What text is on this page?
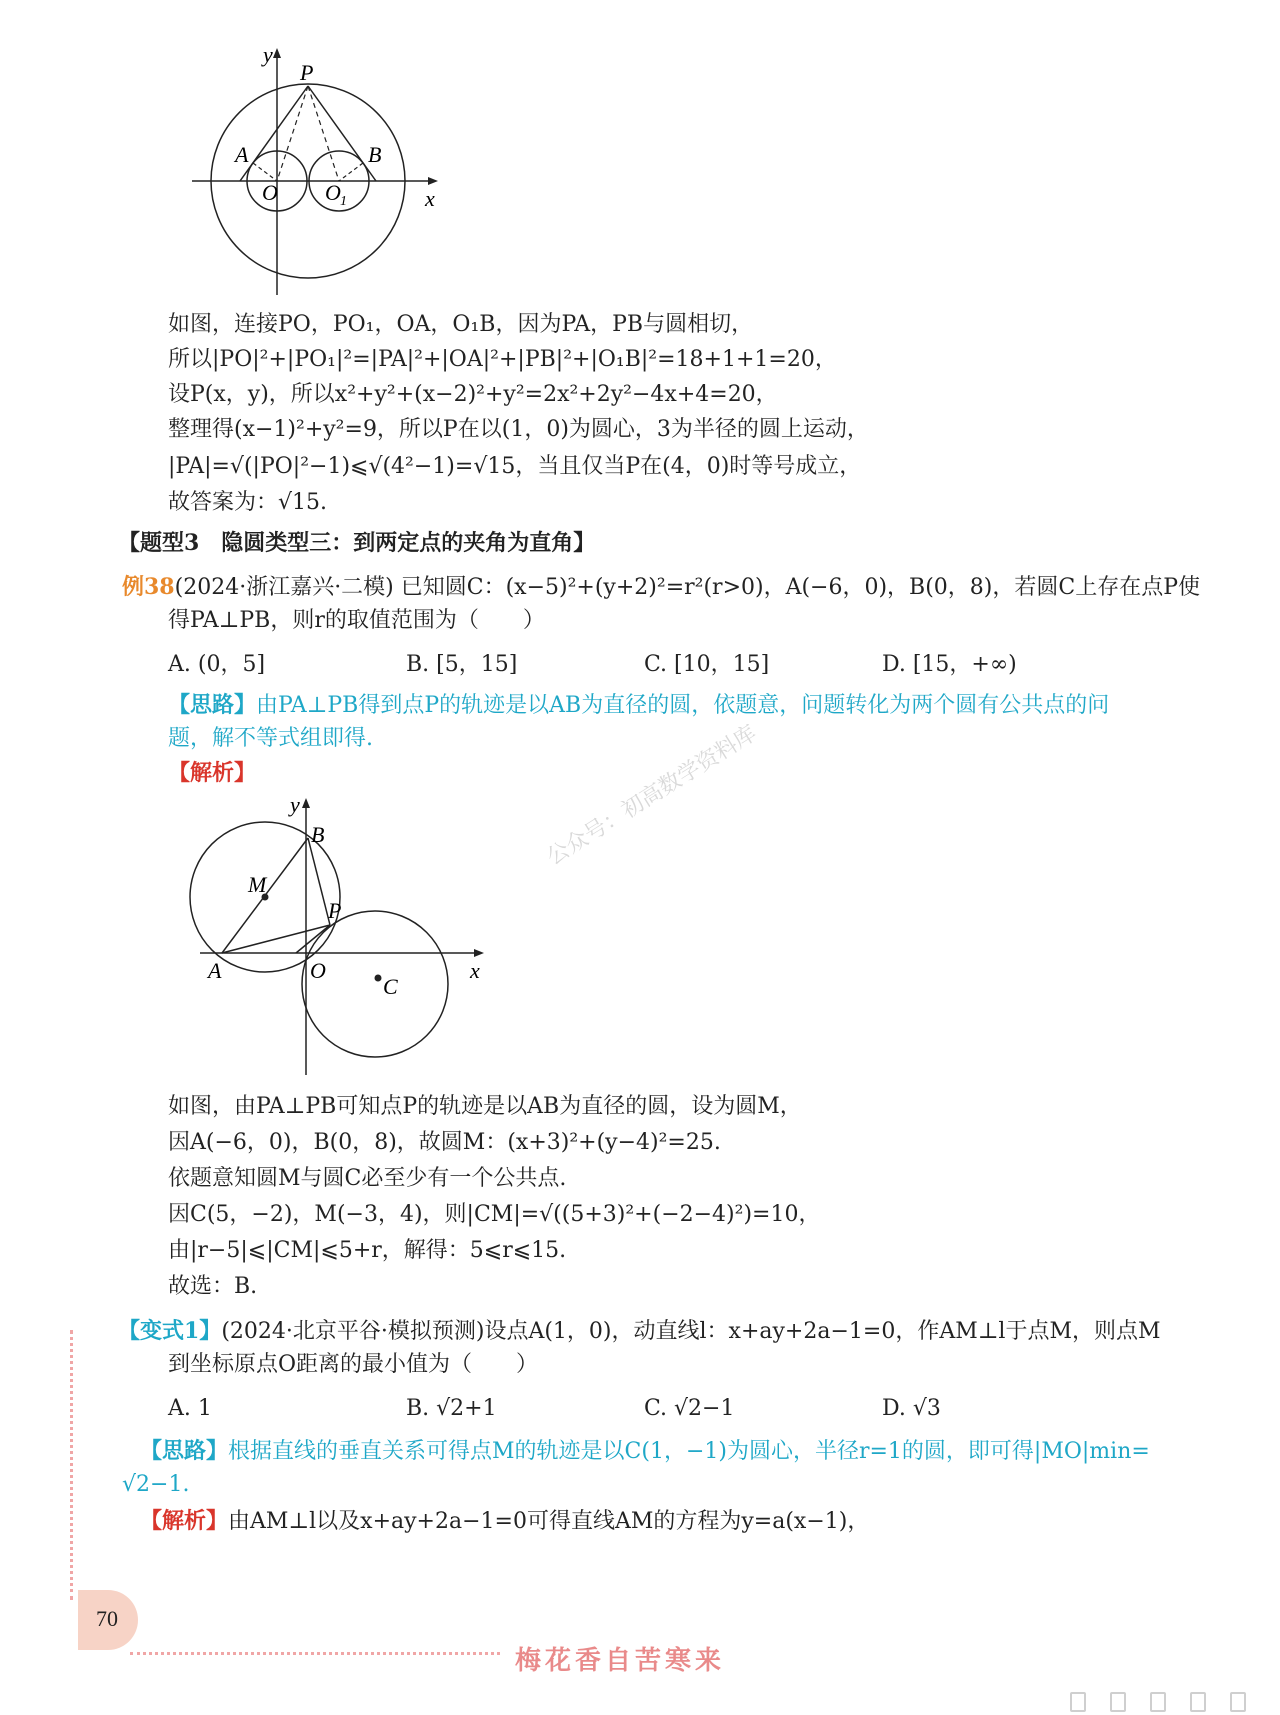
y
P
A	B
O O 1	x
如图，连接PO，PO₁，OA，O₁B，因为PA，PB与圆相切，
所以|PO|²+|PO₁|²=|PA|²+|OA|²+|PB|²+|O₁B|²=18+1+1=20，
设P(x，y)，所以x²+y²+(x−2)²+y²=2x²+2y²−4x+4=20，
整理得(x−1)²+y²=9，所以P在以(1，0)为圆心，3为半径的圆上运动，
|PA|=√(|PO|²−1)⩽√(4²−1)=√15，当且仅当P在(4，0)时等号成立，
故答案为：√15.
【题型3　隐圆类型三：到两定点的夹角为直角】
例38(2024·浙江嘉兴·二模) 已知圆C：(x−5)²+(y+2)²=r²(r>0)，A(−6，0)，B(0，8)，若圆C上存在点P使
得PA⊥PB，则r的取值范围为（　　）
A. (0，5]	B. [5，15]	C. [10，15]	D. [15，+∞)
【思路】由PA⊥PB得到点P的轨迹是以AB为直径的圆，依题意，问题转化为两个圆有公共点的问
题，解不等式组即得.
【解析】
y
B
M
P
A	O
C
x
公众号：初高数学资料库
如图，由PA⊥PB可知点P的轨迹是以AB为直径的圆，设为圆M，
因A(−6，0)，B(0，8)，故圆M：(x+3)²+(y−4)²=25.
依题意知圆M与圆C必至少有一个公共点.
因C(5，−2)，M(−3，4)，则|CM|=√((5+3)²+(−2−4)²)=10，
由|r−5|⩽|CM|⩽5+r，解得：5⩽r⩽15.
故选：B.
【变式1】(2024·北京平谷·模拟预测)设点A(1，0)，动直线l：x+ay+2a−1=0，作AM⊥l于点M，则点M
到坐标原点O距离的最小值为（　　）
A. 1	B. √2+1	C. √2−1	D. √3
【思路】根据直线的垂直关系可得点M的轨迹是以C(1，−1)为圆心，半径r=1的圆，即可得|MO|min=
√2−1.
【解析】由AM⊥l以及x+ay+2a−1=0可得直线AM的方程为y=a(x−1)，
70
梅花香自苦寒来
